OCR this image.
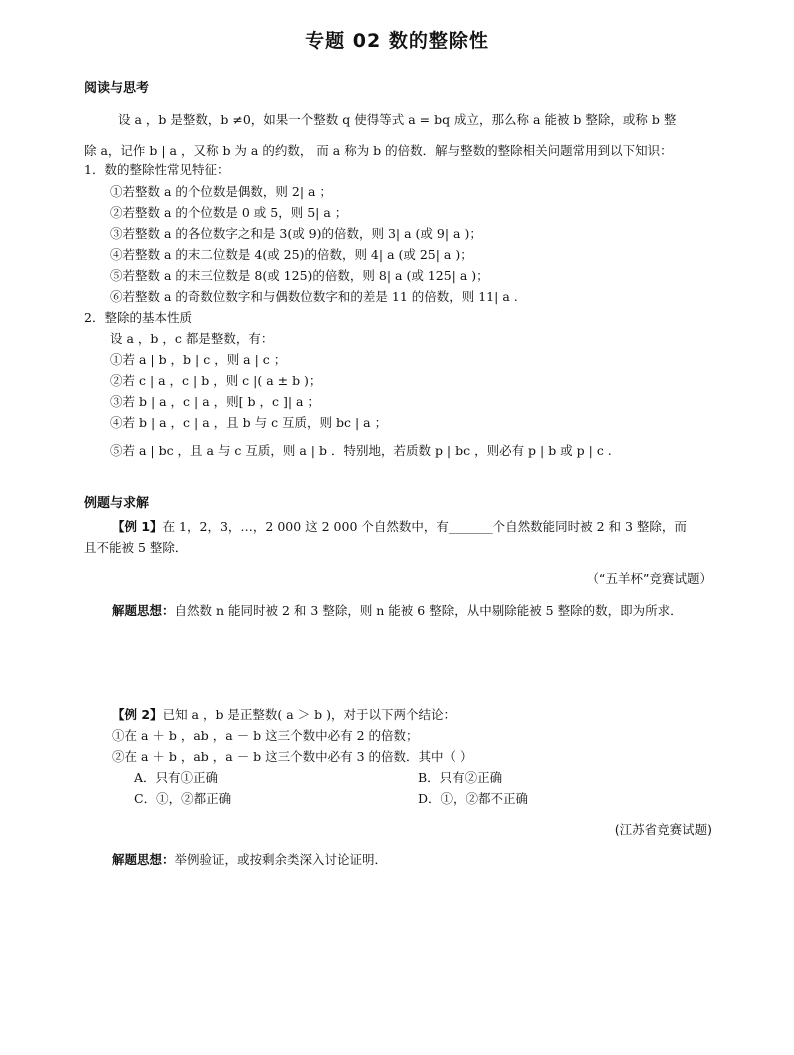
专题 02 数的整除性
阅读与思考
设 a ，b 是整数，b ≠0，如果一个整数 q 使得等式 a = bq 成立，那么称 a 能被 b 整除，或称 b 整
除 a，记作 b | a ，又称 b 为 a 的约数， 而 a 称为 b 的倍数．解与整数的整除相关问题常用到以下知识：
1．数的整除性常见特征：
①若整数 a 的个位数是偶数，则 2| a ；
②若整数 a 的个位数是 0 或 5，则 5| a ；
③若整数 a 的各位数字之和是 3(或 9)的倍数，则 3| a (或 9| a )；
④若整数 a 的末二位数是 4(或 25)的倍数，则 4| a (或 25| a )；
⑤若整数 a 的末三位数是 8(或 125)的倍数，则 8| a (或 125| a )；
⑥若整数 a 的奇数位数字和与偶数位数字和的差是 11 的倍数，则 11| a .
2．整除的基本性质
设 a ，b ，c 都是整数，有：
①若 a | b ，b | c ，则 a | c ；
②若 c | a ，c | b ，则 c |( a ± b )；
③若 b | a ，c | a ，则[ b ，c ]| a ；
④若 b | a ，c | a ，且 b 与 c 互质，则 bc | a ；
⑤若 a | bc ，且 a 与 c 互质，则 a | b ．特别地，若质数 p | bc ，则必有 p | b 或 p | c .
例题与求解
【例 1】在 1，2，3，…，2 000 这 2 000 个自然数中，有_______个自然数能同时被 2 和 3 整除，而
且不能被 5 整除．
（“五羊杯”竞赛试题）
解题思想：自然数 n 能同时被 2 和 3 整除，则 n 能被 6 整除，从中剔除能被 5 整除的数，即为所求．
【例 2】已知 a ，b 是正整数( a ＞ b )，对于以下两个结论：
①在 a ＋ b ，ab ，a － b 这三个数中必有 2 的倍数；
②在 a ＋ b ，ab ，a － b 这三个数中必有 3 的倍数．其中（ ）
A．只有①正确	B．只有②正确
C．①，②都正确	D．①，②都不正确
(江苏省竞赛试题)
解题思想：举例验证，或按剩余类深入讨论证明．
